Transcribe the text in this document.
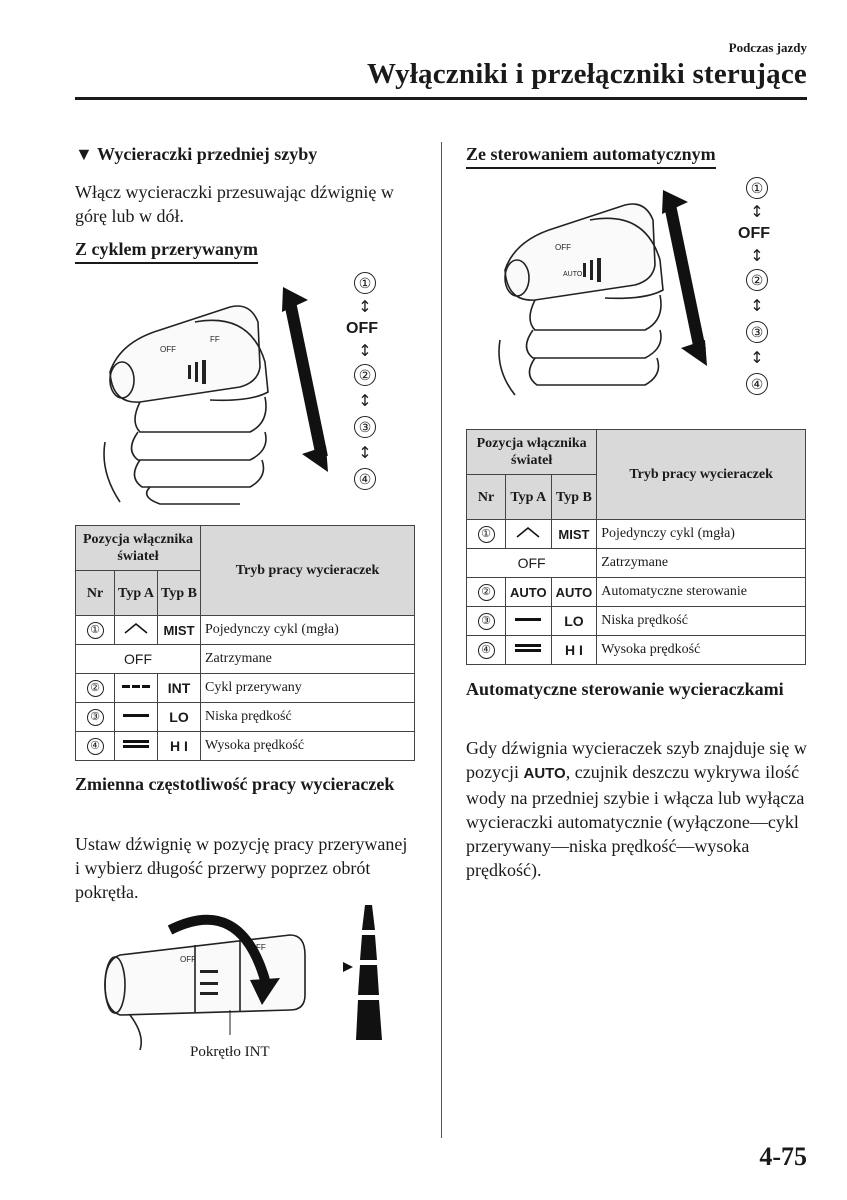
Podczas jazdy
Wyłączniki i przełączniki sterujące
▼ Wycieraczki przedniej szyby
Włącz wycieraczki przesuwając dźwignię w górę lub w dół.
Z cyklem przerywanym
OFF
FF
①
↕
OFF
↕
②
↕
③
↕
④
Pozycja włącznika świateł			Tryb pracy wycieraczek
Nr	Typ A	Typ B	
①		MIST	Pojedynczy cykl (mgła)
OFF			Zatrzymane
②		INT	Cykl przerywany
③		LO	Niska prędkość
④		H I	Wysoka prędkość
Zmienna częstotliwość pracy wycieraczek
Ustaw dźwignię w pozycję pracy przerywanej i wybierz długość przerwy poprzez obrót pokrętła.
OFF
FF
Pokrętło INT
Ze sterowaniem automatycznym
OFF
AUTO
①
↕
OFF
↕
②
↕
③
↕
④
Pozycja włącznika świateł			Tryb pracy wycieraczek
Nr	Typ A	Typ B	
①		MIST	Pojedynczy cykl (mgła)
OFF			Zatrzymane
②	AUTO	AUTO	Automatyczne sterowanie
③		LO	Niska prędkość
④		H I	Wysoka prędkość
Automatyczne sterowanie wycieraczkami
Gdy dźwignia wycieraczek szyb znajduje się w pozycji AUTO, czujnik deszczu wykrywa ilość wody na przedniej szybie i włącza lub wyłącza wycieraczki automatycznie (wyłączone―cykl przerywany―niska prędkość―wysoka prędkość).
4-75
